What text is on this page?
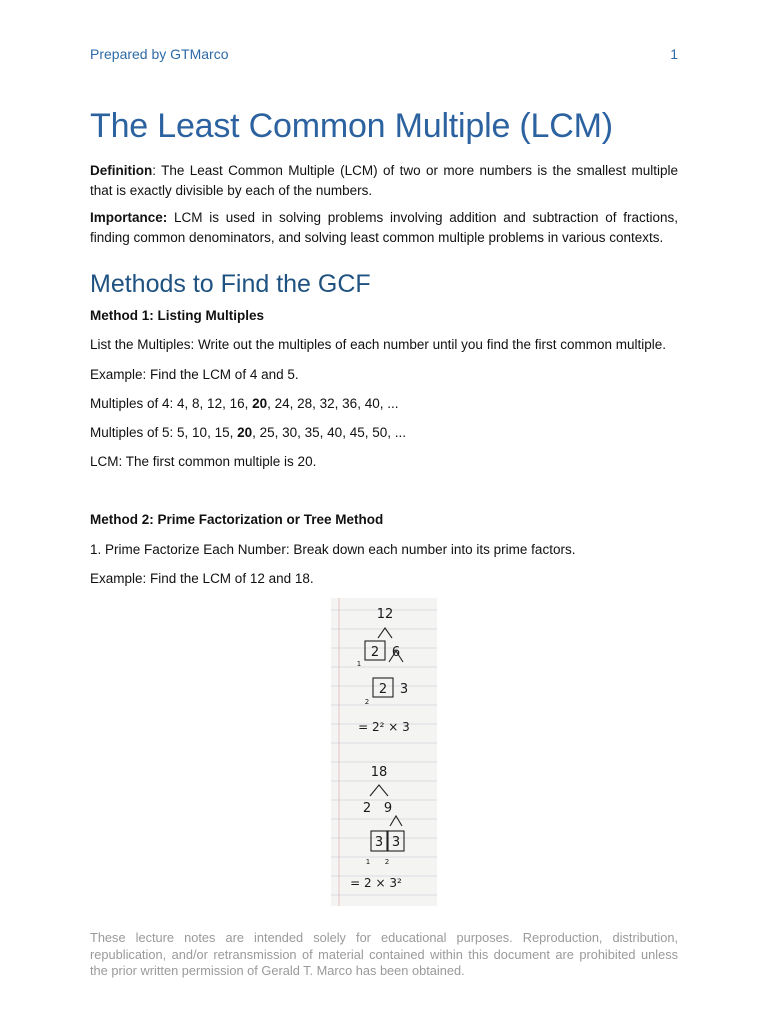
Prepared by GTMarco	1
The Least Common Multiple (LCM)

Definition: The Least Common Multiple (LCM) of two or more numbers is the smallest multiple that is exactly divisible by each of the numbers.

Importance: LCM is used in solving problems involving addition and subtraction of fractions, finding common denominators, and solving least common multiple problems in various contexts.

Methods to Find the GCF

Method 1: Listing Multiples

List the Multiples: Write out the multiples of each number until you find the first common multiple.

Example: Find the LCM of 4 and 5.

Multiples of 4: 4, 8, 12, 16, 20, 24, 28, 32, 36, 40, ...

Multiples of 5: 5, 10, 15, 20, 25, 30, 35, 40, 45, 50, ...

LCM: The first common multiple is 20.

Method 2: Prime Factorization or Tree Method

1. Prime Factorize Each Number: Break down each number into its prime factors.

Example: Find the LCM of 12 and 18.

12
2 6
2 3
1
2
= 2² × 3
18
2 9
3 3
1 2
= 2 × 3²

These lecture notes are intended solely for educational purposes. Reproduction, distribution, republication, and/or retransmission of material contained within this document are prohibited unless the prior written permission of Gerald T. Marco has been obtained.
